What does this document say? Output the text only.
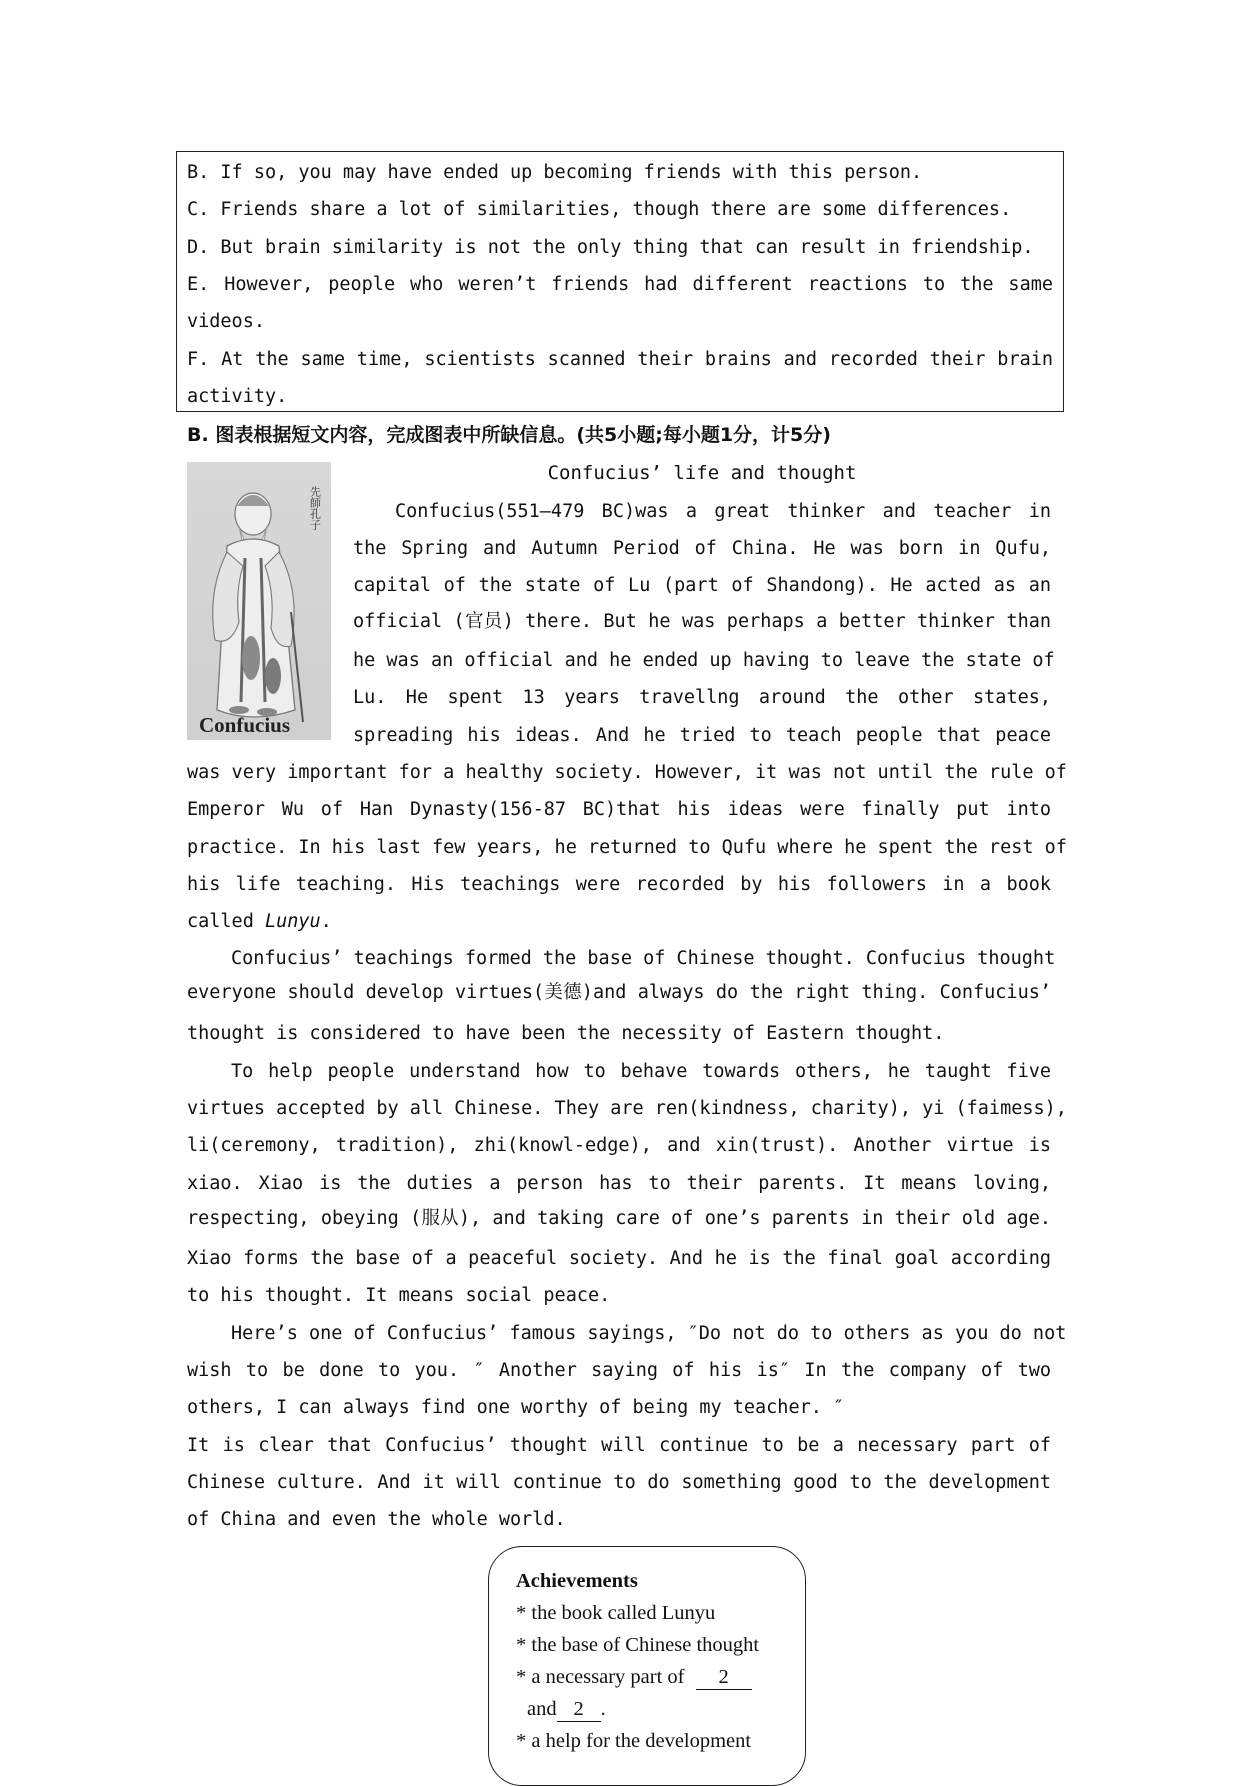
B. If so, you may have ended up becoming friends with this person.
C. Friends share a lot of similarities, though there are some differences.
D. But brain similarity is not the only thing that can result in friendship.
E. However, people who weren’t friends had different reactions to the same
videos.
F. At the same time, scientists scanned their brains and recorded their brain
activity.
B. 图表根据短文内容，完成图表中所缺信息。(共5小题;每小题1分，计5分)
Confucius’ life and thought
先師孔子
Confucius
Confucius(551—479 BC)was a great thinker and teacher in
the Spring and Autumn Period of China. He was born in Qufu,
capital of the state of Lu (part of Shandong). He acted as an
official (官员) there. But he was perhaps a better thinker than
he was an official and he ended up having to leave the state of
Lu. He spent 13 years travellng around the other states,
spreading his ideas. And he tried to teach people that peace
was very important for a healthy society. However, it was not until the rule of
Emperor Wu of Han Dynasty(156-87 BC)that his ideas were finally put into
practice. In his last few years, he returned to Qufu where he spent the rest of
his life teaching. His teachings were recorded by his followers in a book
called Lunyu.
Confucius’ teachings formed the base of Chinese thought. Confucius thought
everyone should develop virtues(美德)and always do the right thing. Confucius’
thought is considered to have been the necessity of Eastern thought.
To help people understand how to behave towards others, he taught five
virtues accepted by all Chinese. They are ren(kindness, charity), yi (faimess),
li(ceremony, tradition), zhi(knowl-edge), and xin(trust). Another virtue is
xiao. Xiao is the duties a person has to their parents. It means loving,
respecting, obeying (服从), and taking care of one’s parents in their old age.
Xiao forms the base of a peaceful society. And he is the final goal according
to his thought. It means social peace.
Here’s one of Confucius’ famous sayings, ″Do not do to others as you do not
wish to be done to you. ″ Another saying of his is″ In the company of two
others, I can always find one worthy of being my teacher. ″
It is clear that Confucius’ thought will continue to be a necessary part of
Chinese culture. And it will continue to do something good to the development
of China and even the whole world.
Achievements
* the book called Lunyu
* the base of Chinese thought
* a necessary part of 2
and 2 .
* a help for the development
